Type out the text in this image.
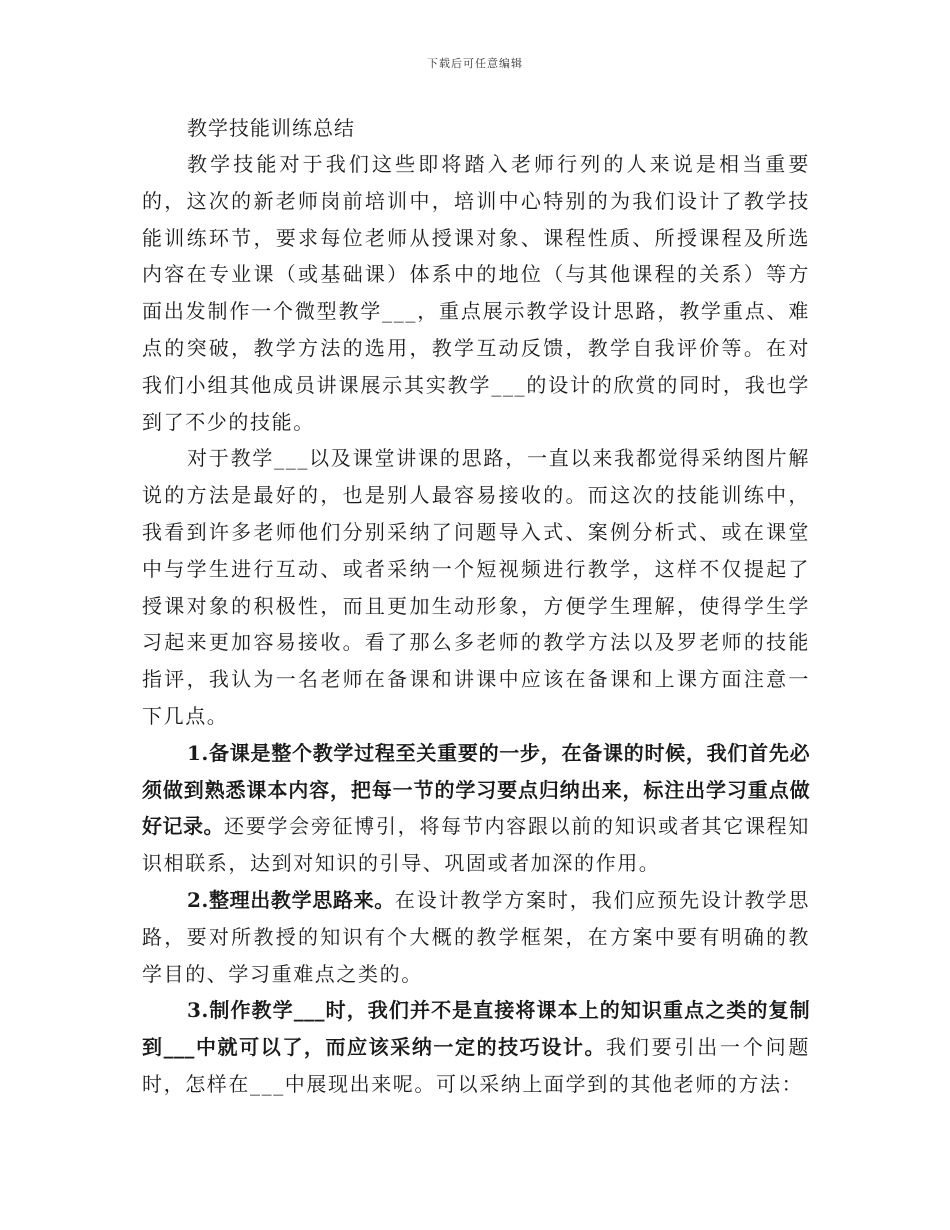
下载后可任意编辑
教学技能训练总结

教学技能对于我们这些即将踏入老师行列的人来说是相当重要的，这次的新老师岗前培训中，培训中心特别的为我们设计了教学技能训练环节，要求每位老师从授课对象、课程性质、所授课程及所选内容在专业课（或基础课）体系中的地位（与其他课程的关系）等方面出发制作一个微型教学___，重点展示教学设计思路，教学重点、难点的突破，教学方法的选用，教学互动反馈，教学自我评价等。在对我们小组其他成员讲课展示其实教学___的设计的欣赏的同时，我也学到了不少的技能。

对于教学___以及课堂讲课的思路，一直以来我都觉得采纳图片解说的方法是最好的，也是别人最容易接收的。而这次的技能训练中，我看到许多老师他们分别采纳了问题导入式、案例分析式、或在课堂中与学生进行互动、或者采纳一个短视频进行教学，这样不仅提起了授课对象的积极性，而且更加生动形象，方便学生理解，使得学生学习起来更加容易接收。看了那么多老师的教学方法以及罗老师的技能指评，我认为一名老师在备课和讲课中应该在备课和上课方面注意一下几点。

1.备课是整个教学过程至关重要的一步，在备课的时候，我们首先必须做到熟悉课本内容，把每一节的学习要点归纳出来，标注出学习重点做好记录。还要学会旁征博引，将每节内容跟以前的知识或者其它课程知识相联系，达到对知识的引导、巩固或者加深的作用。

2.整理出教学思路来。在设计教学方案时，我们应预先设计教学思路，要对所教授的知识有个大概的教学框架，在方案中要有明确的教学目的、学习重难点之类的。

3.制作教学___时，我们并不是直接将课本上的知识重点之类的复制到___中就可以了，而应该采纳一定的技巧设计。我们要引出一个问题时，怎样在___中展现出来呢。可以采纳上面学到的其他老师的方法：
